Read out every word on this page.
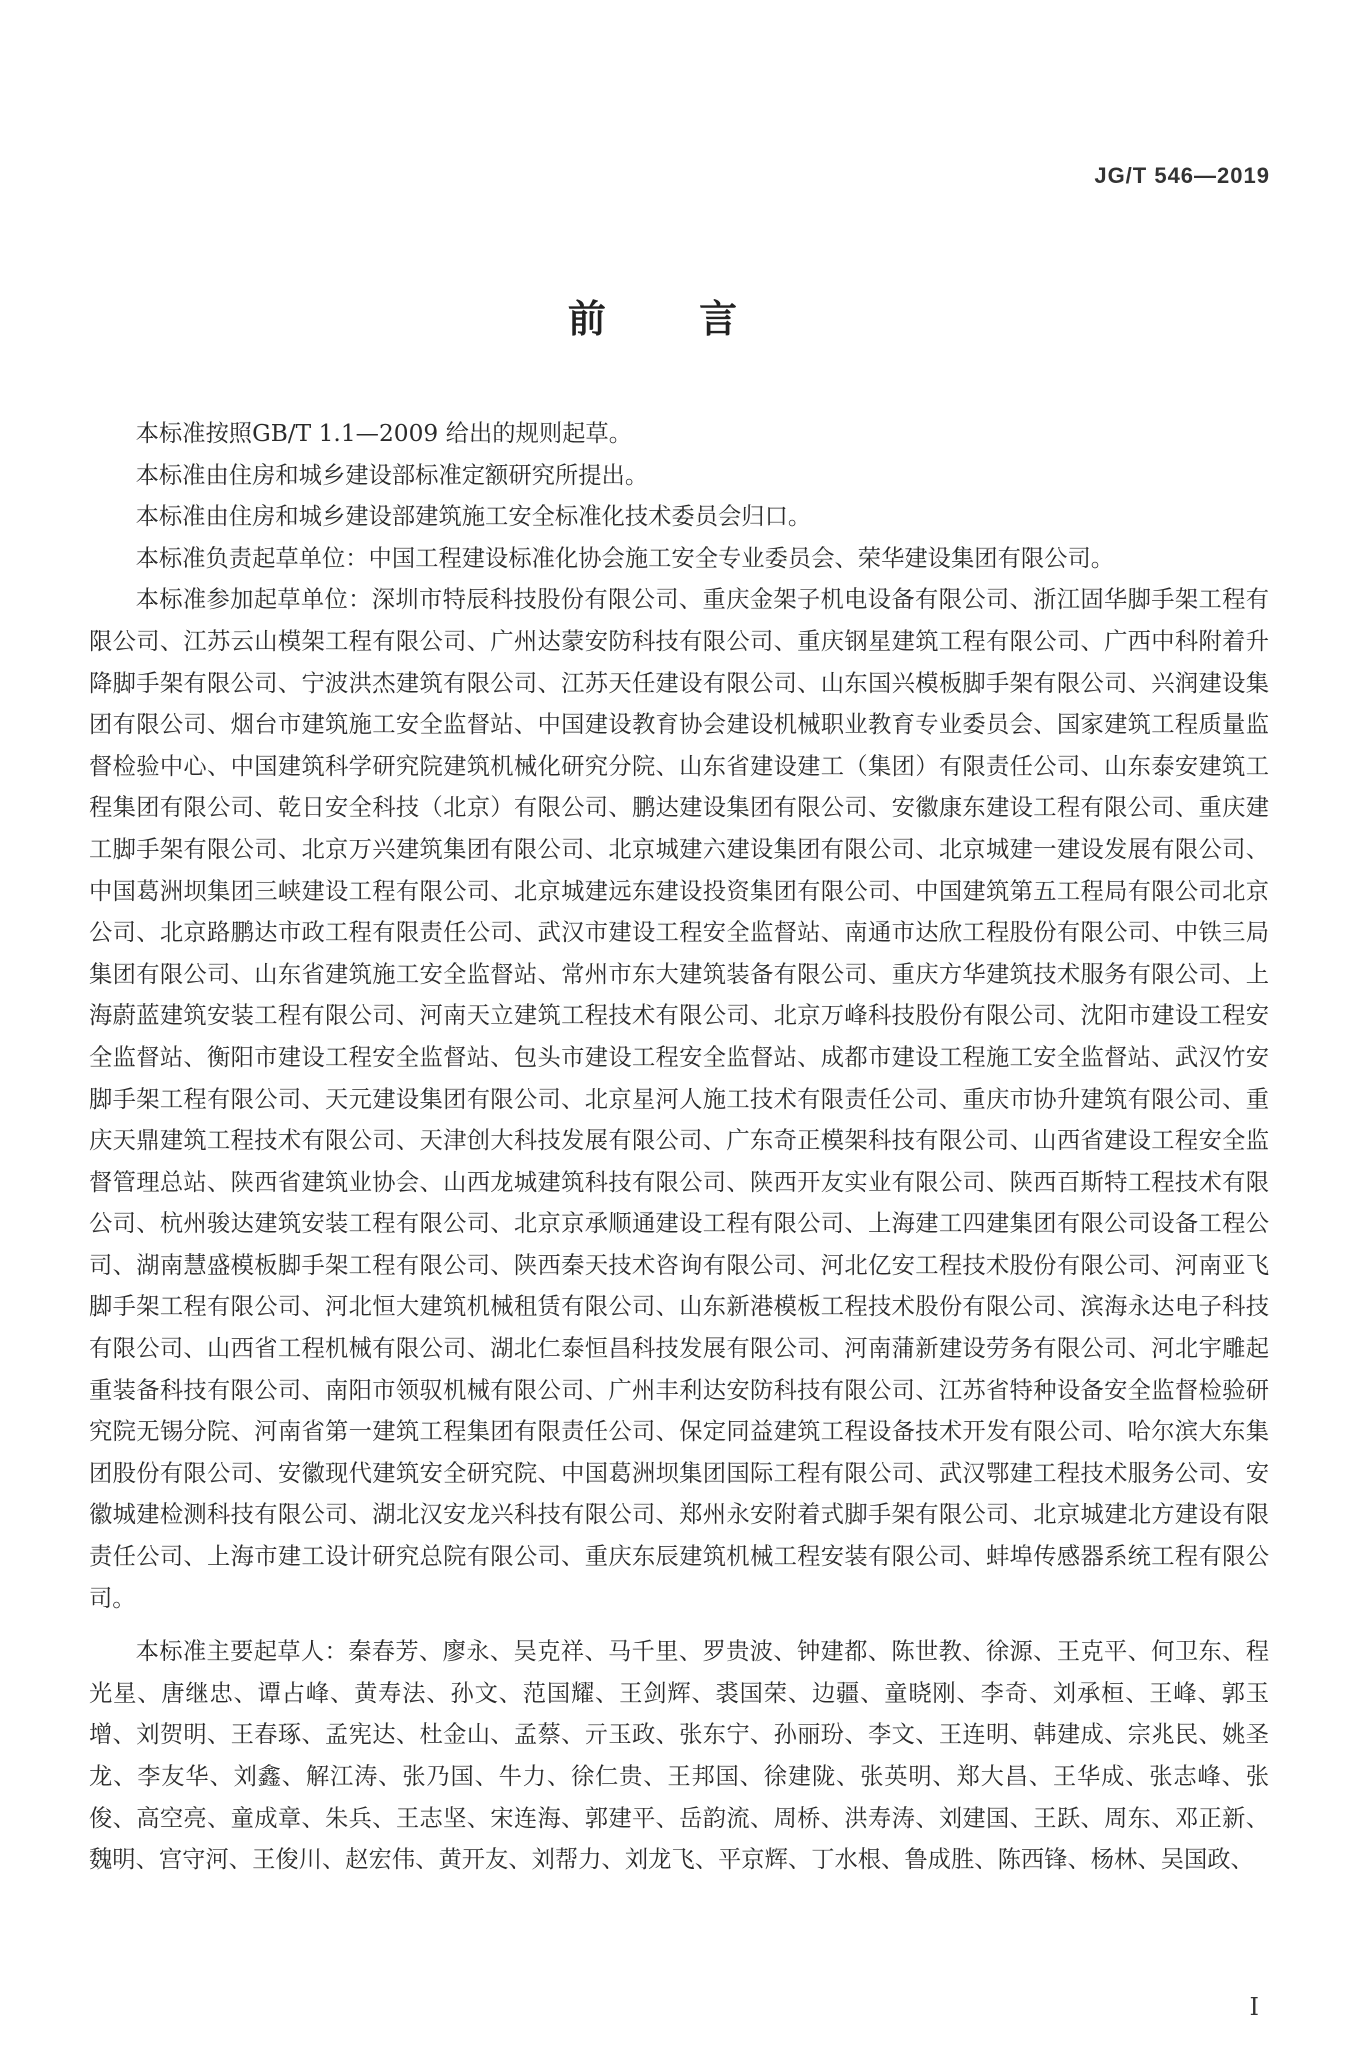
JG/T 546—2019
前 言

本标准按照GB/T 1.1—2009 给出的规则起草。

本标准由住房和城乡建设部标准定额研究所提出。

本标准由住房和城乡建设部建筑施工安全标准化技术委员会归口。

本标准负责起草单位：中国工程建设标准化协会施工安全专业委员会、荣华建设集团有限公司。

本标准参加起草单位：深圳市特辰科技股份有限公司、重庆金架子机电设备有限公司、浙江固华脚手架工程有限公司、江苏云山模架工程有限公司、广州达蒙安防科技有限公司、重庆钢星建筑工程有限公司、广西中科附着升降脚手架有限公司、宁波洪杰建筑有限公司、江苏天任建设有限公司、山东国兴模板脚手架有限公司、兴润建设集团有限公司、烟台市建筑施工安全监督站、中国建设教育协会建设机械职业教育专业委员会、国家建筑工程质量监督检验中心、中国建筑科学研究院建筑机械化研究分院、山东省建设建工（集团）有限责任公司、山东泰安建筑工程集团有限公司、乾日安全科技（北京）有限公司、鹏达建设集团有限公司、安徽康东建设工程有限公司、重庆建工脚手架有限公司、北京万兴建筑集团有限公司、北京城建六建设集团有限公司、北京城建一建设发展有限公司、中国葛洲坝集团三峡建设工程有限公司、北京城建远东建设投资集团有限公司、中国建筑第五工程局有限公司北京公司、北京路鹏达市政工程有限责任公司、武汉市建设工程安全监督站、南通市达欣工程股份有限公司、中铁三局集团有限公司、山东省建筑施工安全监督站、常州市东大建筑装备有限公司、重庆方华建筑技术服务有限公司、上海蔚蓝建筑安装工程有限公司、河南天立建筑工程技术有限公司、北京万峰科技股份有限公司、沈阳市建设工程安全监督站、衡阳市建设工程安全监督站、包头市建设工程安全监督站、成都市建设工程施工安全监督站、武汉竹安脚手架工程有限公司、天元建设集团有限公司、北京星河人施工技术有限责任公司、重庆市协升建筑有限公司、重庆天鼎建筑工程技术有限公司、天津创大科技发展有限公司、广东奇正模架科技有限公司、山西省建设工程安全监督管理总站、陕西省建筑业协会、山西龙城建筑科技有限公司、陕西开友实业有限公司、陕西百斯特工程技术有限公司、杭州骏达建筑安装工程有限公司、北京京承顺通建设工程有限公司、上海建工四建集团有限公司设备工程公司、湖南慧盛模板脚手架工程有限公司、陕西秦天技术咨询有限公司、河北亿安工程技术股份有限公司、河南亚飞脚手架工程有限公司、河北恒大建筑机械租赁有限公司、山东新港模板工程技术股份有限公司、滨海永达电子科技有限公司、山西省工程机械有限公司、湖北仁泰恒昌科技发展有限公司、河南蒲新建设劳务有限公司、河北宇雕起重装备科技有限公司、南阳市领驭机械有限公司、广州丰利达安防科技有限公司、江苏省特种设备安全监督检验研究院无锡分院、河南省第一建筑工程集团有限责任公司、保定同益建筑工程设备技术开发有限公司、哈尔滨大东集团股份有限公司、安徽现代建筑安全研究院、中国葛洲坝集团国际工程有限公司、武汉鄂建工程技术服务公司、安徽城建检测科技有限公司、湖北汉安龙兴科技有限公司、郑州永安附着式脚手架有限公司、北京城建北方建设有限责任公司、上海市建工设计研究总院有限公司、重庆东辰建筑机械工程安装有限公司、蚌埠传感器系统工程有限公司。

本标准主要起草人：秦春芳、廖永、吴克祥、马千里、罗贵波、钟建都、陈世教、徐源、王克平、何卫东、程光星、唐继忠、谭占峰、黄寿法、孙文、范国耀、王剑辉、裘国荣、边疆、童晓刚、李奇、刘承桓、王峰、郭玉增、刘贺明、王春琢、孟宪达、杜金山、孟蔡、亓玉政、张东宁、孙丽玢、李文、王连明、韩建成、宗兆民、姚圣龙、李友华、刘鑫、解江涛、张乃国、牛力、徐仁贵、王邦国、徐建陇、张英明、郑大昌、王华成、张志峰、张俊、高空亮、童成章、朱兵、王志坚、宋连海、郭建平、岳韵流、周桥、洪寿涛、刘建国、王跃、周东、邓正新、魏明、宫守河、王俊川、赵宏伟、黄开友、刘帮力、刘龙飞、平京辉、丁水根、鲁成胜、陈西锋、杨林、吴国政、

I
